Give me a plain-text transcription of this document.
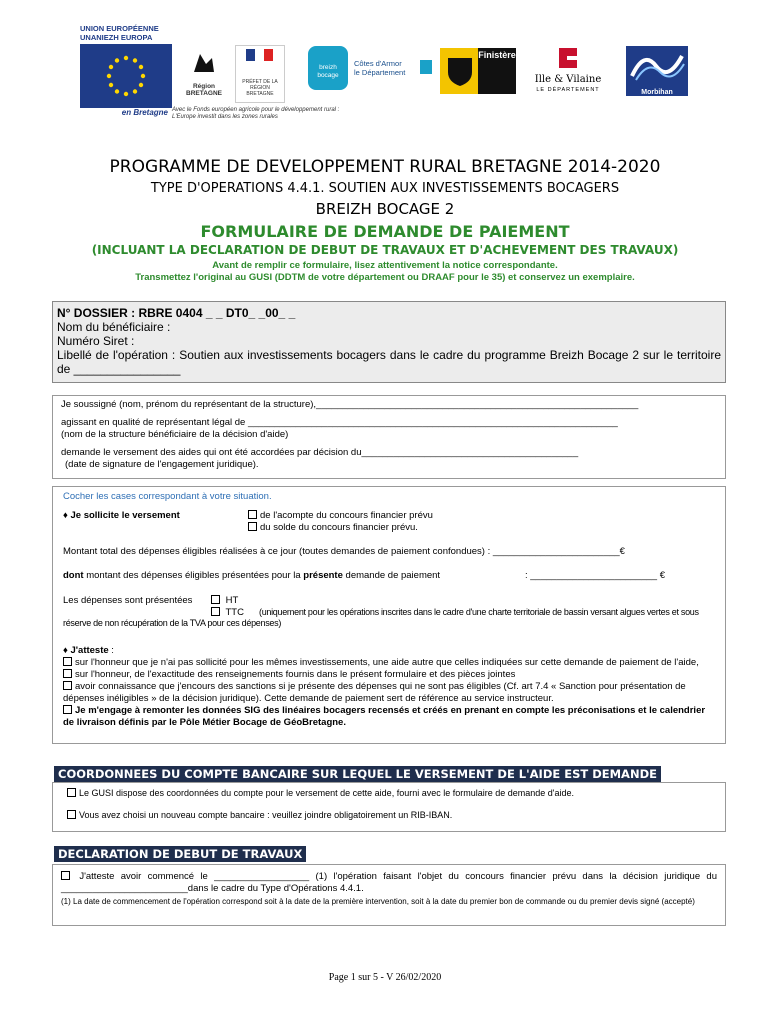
UNION EUROPÉENNE
UNANIEZH EUROPA
L'Europe s'engage
en Bretagne Avec le Fonds européen agricole pour le développement rural :
L'Europe investit dans les zones rurales
Région BRETAGNE
PRÉFET DE LA RÉGION BRETAGNE
breizh bocage
Côtes d'Armor
le Département
Finistère
Ille & Vilaine
LE DÉPARTEMENT	Morbihan
PROGRAMME DE DEVELOPPEMENT RURAL BRETAGNE 2014-2020
TYPE D'OPERATIONS 4.4.1. SOUTIEN AUX INVESTISSEMENTS BOCAGERS
BREIZH BOCAGE 2
FORMULAIRE DE DEMANDE DE PAIEMENT
(INCLUANT LA DECLARATION DE DEBUT DE TRAVAUX ET D'ACHEVEMENT DES TRAVAUX)
Avant de remplir ce formulaire, lisez attentivement la notice correspondante.
Transmettez l'original au GUSI (DDTM de votre département ou DRAAF pour le 35) et conservez un exemplaire.
N° DOSSIER : RBRE 0404 _ _ DT0_ _00_ _
Nom du bénéficiaire :
Numéro Siret :
Libellé de l'opération : Soutien aux investissements bocagers dans le cadre du programme Breizh Bocage 2 sur le territoire de ________________
Je soussigné (nom, prénom du représentant de la structure),_____________________________________________________________
agissant en qualité de représentant légal de ______________________________________________________________________
(nom de la structure bénéficiaire de la décision d'aide)
demande le versement des aides qui ont été accordées par décision du_________________________________________
(date de signature de l'engagement juridique).
Cocher les cases correspondant à votre situation.
♦ Je sollicite le versement	de l'acompte du concours financier prévu
du solde du concours financier prévu.
Montant total des dépenses éligibles réalisées à ce jour (toutes demandes de paiement confondues) : ________________________€
dont montant des dépenses éligibles présentées pour la présente demande de paiement	: ________________________ €
Les dépenses sont présentées	HT
TTC	(uniquement pour les opérations inscrites dans le cadre d'une charte territoriale de bassin versant algues vertes et sous réserve de non récupération de la TVA pour ces dépenses)
♦ J'atteste :
sur l'honneur que je n'ai pas sollicité pour les mêmes investissements, une aide autre que celles indiquées sur cette demande de paiement de l'aide,
sur l'honneur, de l'exactitude des renseignements fournis dans le présent formulaire et des pièces jointes
avoir connaissance que j'encours des sanctions si je présente des dépenses qui ne sont pas éligibles (Cf. art 7.4 « Sanction pour présentation de dépenses inéligibles » de la décision juridique). Cette demande de paiement sert de référence au service instructeur.
Je m'engage à remonter les données SIG des linéaires bocagers recensés et créés en prenant en compte les préconisations et le calendrier de livraison définis par le Pôle Métier Bocage de GéoBretagne.
COORDONNEES DU COMPTE BANCAIRE SUR LEQUEL LE VERSEMENT DE L'AIDE EST DEMANDE
Le GUSI dispose des coordonnées du compte pour le versement de cette aide, fourni avec le formulaire de demande d'aide.
Vous avez choisi un nouveau compte bancaire : veuillez joindre obligatoirement un RIB-IBAN.
DECLARATION DE DEBUT DE TRAVAUX
J'atteste avoir commencé le __________________ (1) l'opération faisant l'objet du concours financier prévu dans la décision juridique du ________________________dans le cadre du Type d'Opérations 4.4.1.
(1) La date de commencement de l'opération correspond soit à la date de la première intervention, soit à la date du premier bon de commande ou du premier devis signé (accepté)
Page 1 sur 5 - V 26/02/2020
